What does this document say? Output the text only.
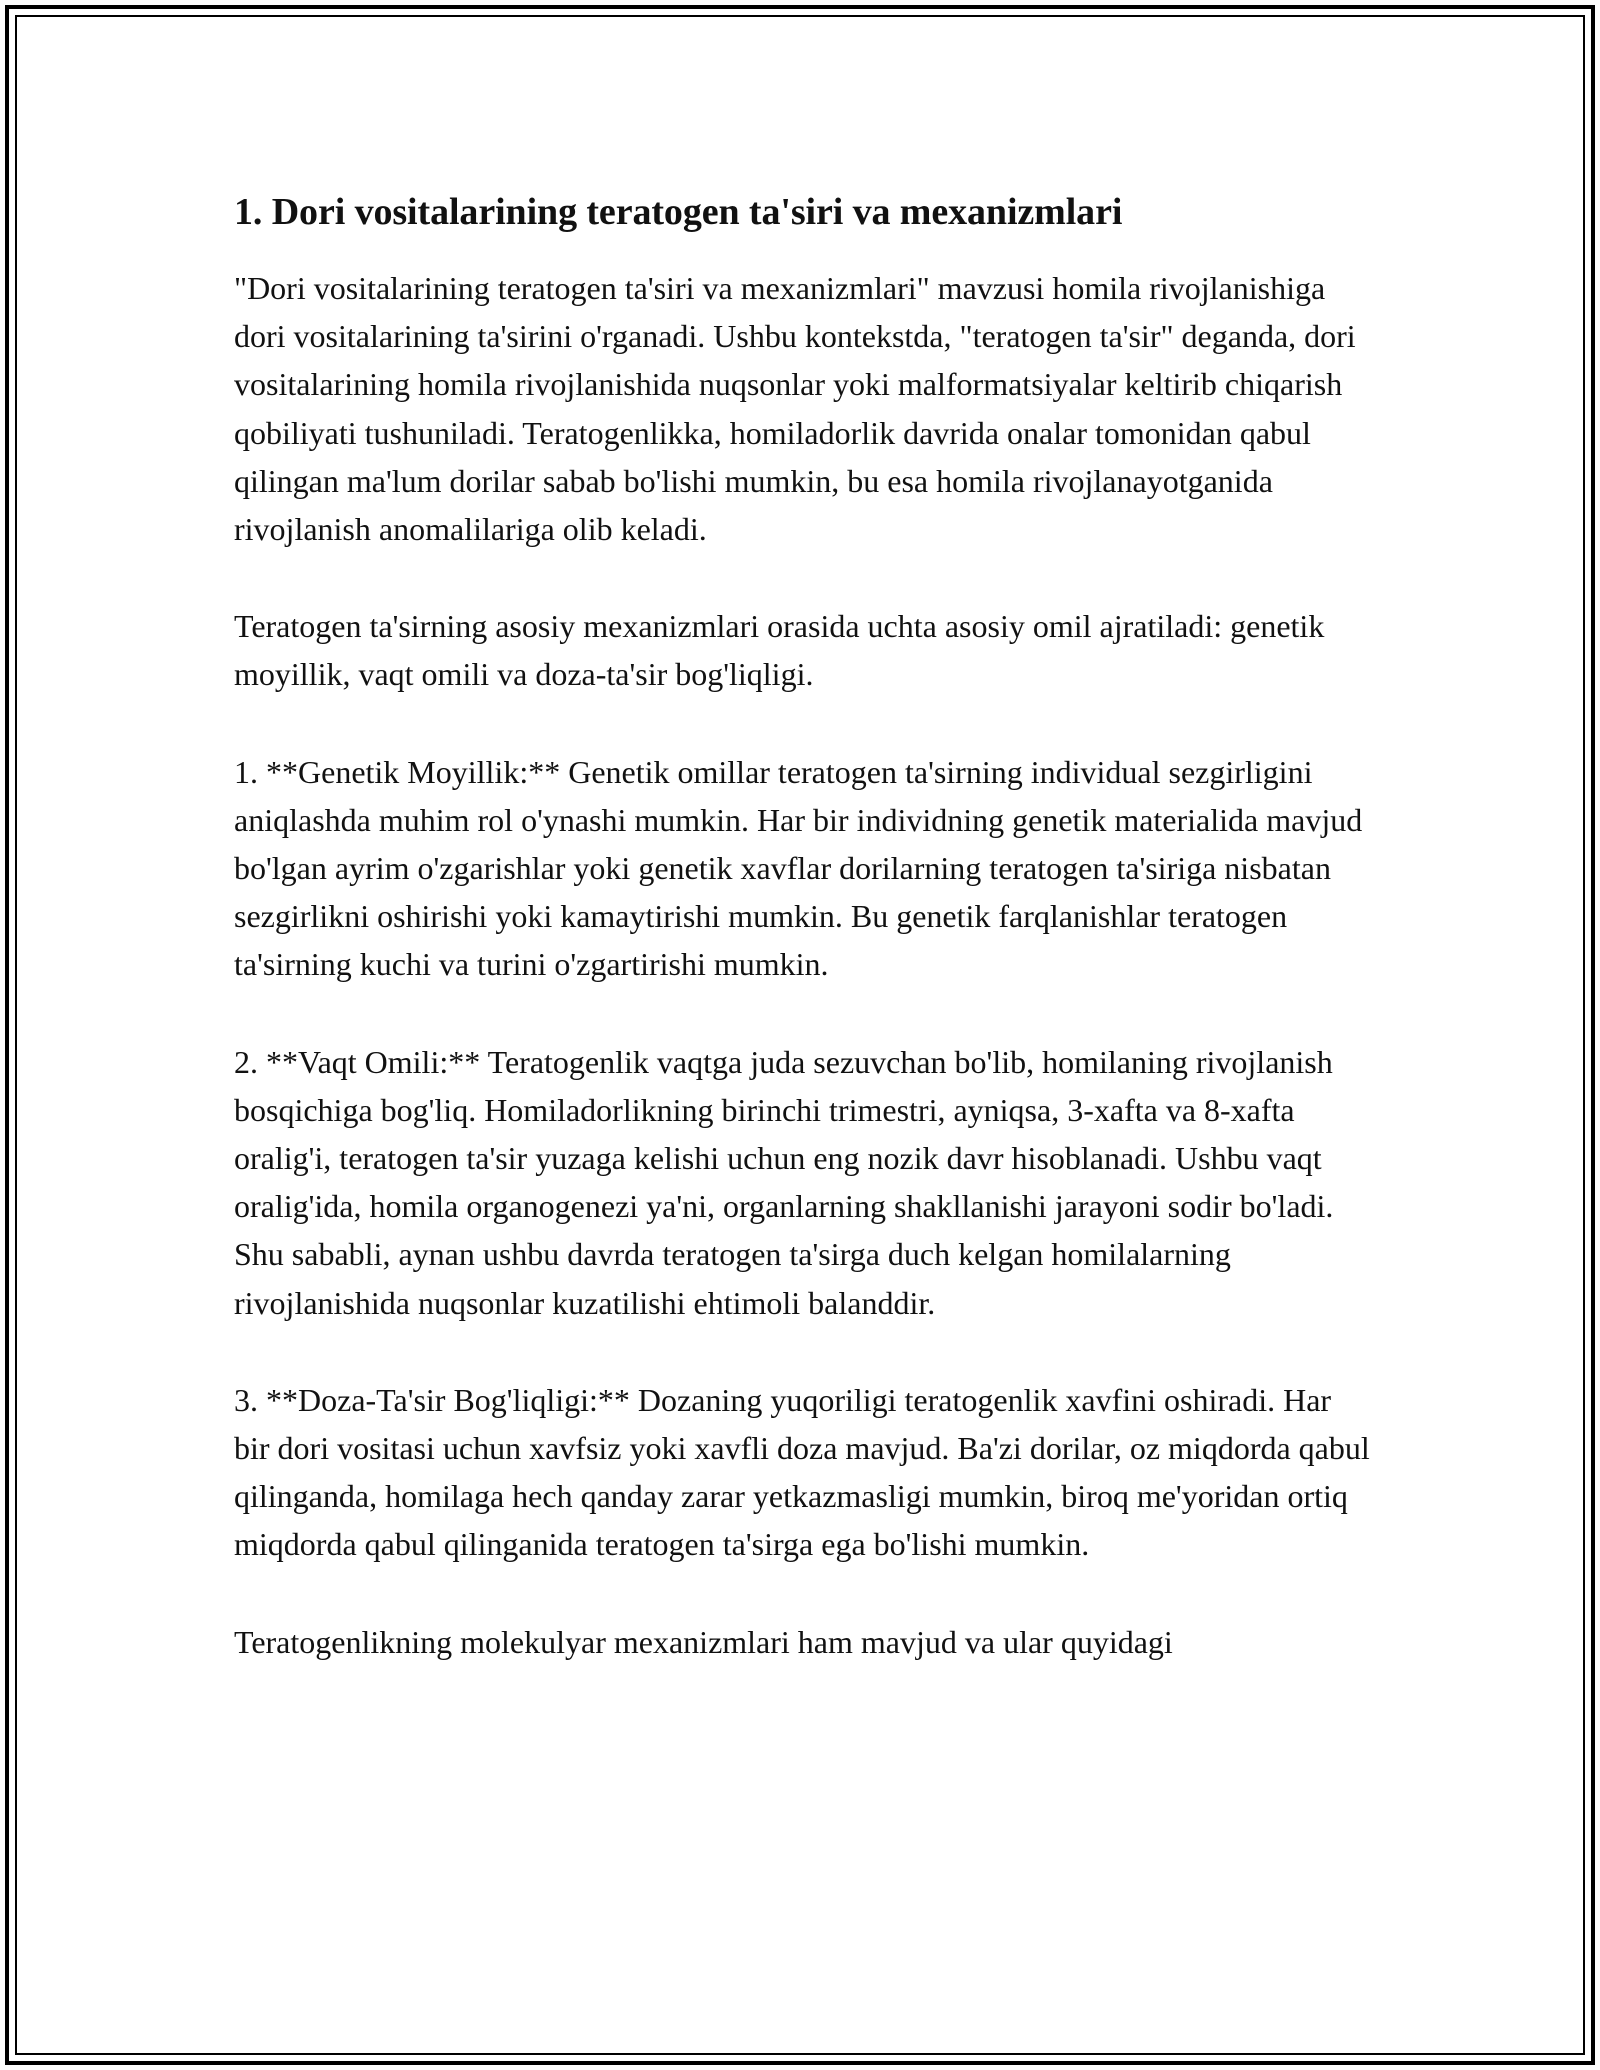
1. Dori vositalarining teratogen ta'siri va mexanizmlari

"Dori vositalarining teratogen ta'siri va mexanizmlari" mavzusi homila rivojlanishiga dori vositalarining ta'sirini o'rganadi. Ushbu kontekstda, "teratogen ta'sir" deganda, dori vositalarining homila rivojlanishida nuqsonlar yoki malformatsiyalar keltirib chiqarish qobiliyati tushuniladi. Teratogenlikka, homiladorlik davrida onalar tomonidan qabul qilingan ma'lum dorilar sabab bo'lishi mumkin, bu esa homila rivojlanayotganida rivojlanish anomalilariga olib keladi.

Teratogen ta'sirning asosiy mexanizmlari orasida uchta asosiy omil ajratiladi: genetik moyillik, vaqt omili va doza-ta'sir bog'liqligi.

1. **Genetik Moyillik:** Genetik omillar teratogen ta'sirning individual sezgirligini aniqlashda muhim rol o'ynashi mumkin. Har bir individning genetik materialida mavjud bo'lgan ayrim o'zgarishlar yoki genetik xavflar dorilarning teratogen ta'siriga nisbatan sezgirlikni oshirishi yoki kamaytirishi mumkin. Bu genetik farqlanishlar teratogen ta'sirning kuchi va turini o'zgartirishi mumkin.

2. **Vaqt Omili:** Teratogenlik vaqtga juda sezuvchan bo'lib, homilaning rivojlanish bosqichiga bog'liq. Homiladorlikning birinchi trimestri, ayniqsa, 3-xafta va 8-xafta oralig'i, teratogen ta'sir yuzaga kelishi uchun eng nozik davr hisoblanadi. Ushbu vaqt oralig'ida, homila organogenezi ya'ni, organlarning shakllanishi jarayoni sodir bo'ladi. Shu sababli, aynan ushbu davrda teratogen ta'sirga duch kelgan homilalarning rivojlanishida nuqsonlar kuzatilishi ehtimoli balanddir.

3. **Doza-Ta'sir Bog'liqligi:** Dozaning yuqoriligi teratogenlik xavfini oshiradi. Har bir dori vositasi uchun xavfsiz yoki xavfli doza mavjud. Ba'zi dorilar, oz miqdorda qabul qilinganda, homilaga hech qanday zarar yetkazmasligi mumkin, biroq me'yoridan ortiq miqdorda qabul qilinganida teratogen ta'sirga ega bo'lishi mumkin.

Teratogenlikning molekulyar mexanizmlari ham mavjud va ular quyidagi
